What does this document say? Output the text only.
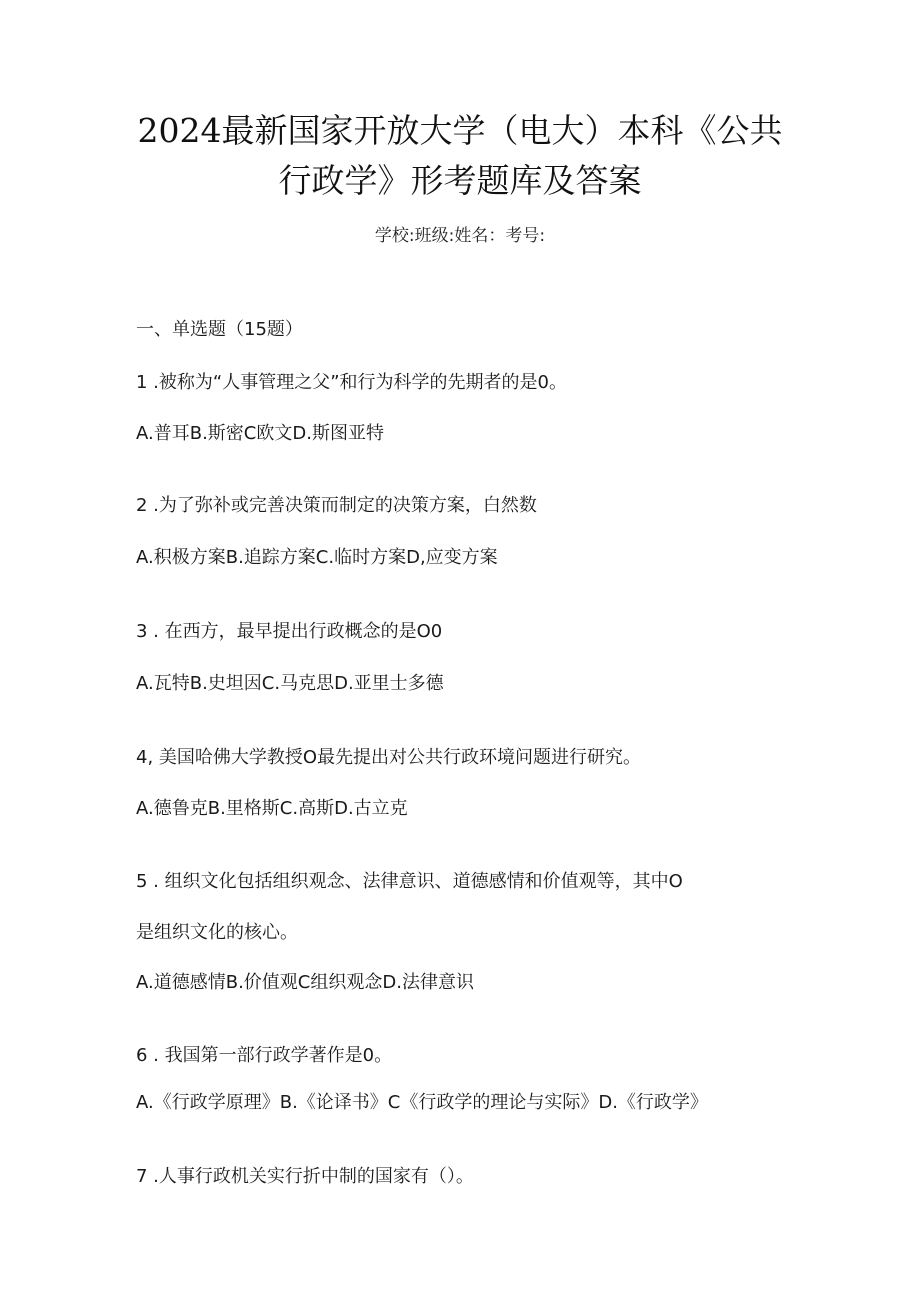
2024最新国家开放大学（电大）本科《公共
行政学》形考题库及答案
学校:班级:姓名：考号:
一、单选题（15题）
1 .被称为“人事管理之父”和行为科学的先期者的是0。
A.普耳B.斯密C欧文D.斯图亚特
2 .为了弥补或完善决策而制定的决策方案，白然数
A.积极方案B.追踪方案C.临时方案D,应变方案
3 . 在西方，最早提出行政概念的是O0
A.瓦特B.史坦因C.马克思D.亚里士多德
4, 美国哈佛大学教授O最先提出对公共行政环境问题进行研究。
A.德鲁克B.里格斯C.高斯D.古立克
5 . 组织文化包括组织观念、法律意识、道德感情和价值观等，其中O
是组织文化的核心。
A.道德感情B.价值观C组织观念D.法律意识
6 . 我国第一部行政学著作是0。
A.《行政学原理》B.《论译书》C《行政学的理论与实际》D.《行政学》
7 .人事行政机关实行折中制的国家有（）。
